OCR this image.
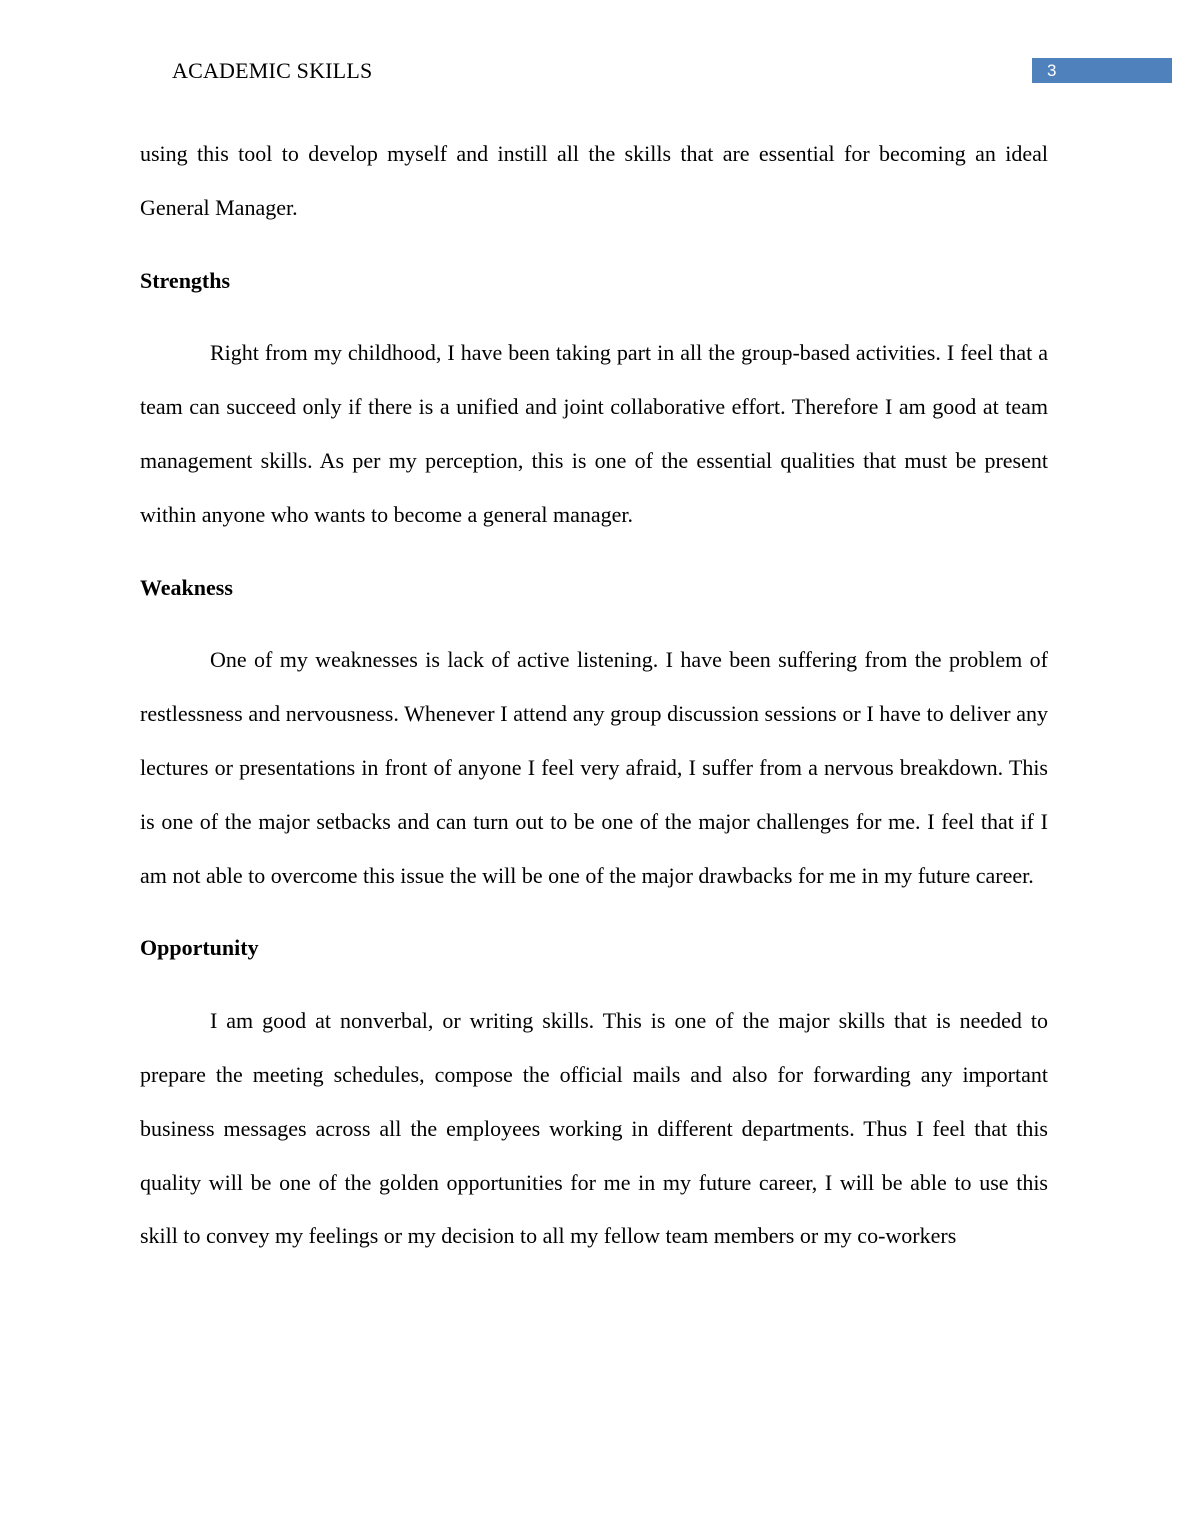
ACADEMIC SKILLS	3

using this tool to develop myself and instill all the skills that are essential for becoming an ideal General Manager.

Strengths

Right from my childhood, I have been taking part in all the group-based activities. I feel that a team can succeed only if there is a unified and joint collaborative effort. Therefore I am good at team management skills. As per my perception, this is one of the essential qualities that must be present within anyone who wants to become a general manager.

Weakness

One of my weaknesses is lack of active listening. I have been suffering from the problem of restlessness and nervousness. Whenever I attend any group discussion sessions or I have to deliver any lectures or presentations in front of anyone I feel very afraid, I suffer from a nervous breakdown. This is one of the major setbacks and can turn out to be one of the major challenges for me. I feel that if I am not able to overcome this issue the will be one of the major drawbacks for me in my future career.

Opportunity

I am good at nonverbal, or writing skills. This is one of the major skills that is needed to prepare the meeting schedules, compose the official mails and also for forwarding any important business messages across all the employees working in different departments. Thus I feel that this quality will be one of the golden opportunities for me in my future career, I will be able to use this skill to convey my feelings or my decision to all my fellow team members or my co-workers
